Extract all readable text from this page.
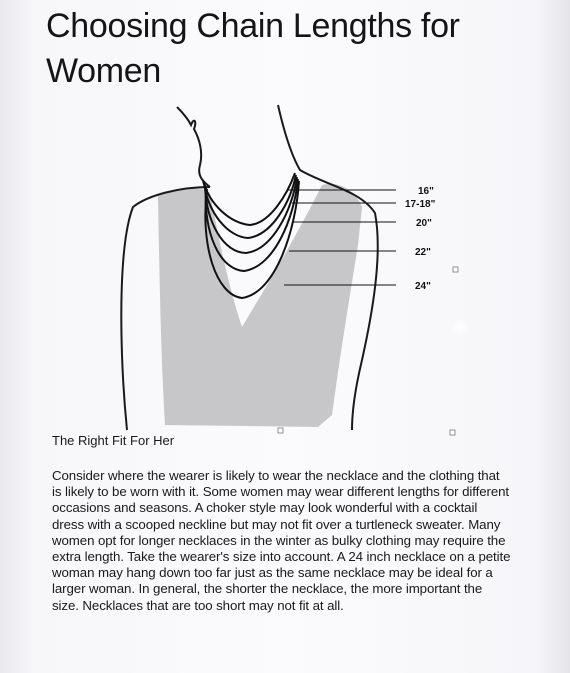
Choosing Chain Lengths for
Women
16"
17-18"
20"
22"
24"

The Right Fit For Her

Consider where the wearer is likely to wear the necklace and the clothing that is likely to be worn with it. Some women may wear different lengths for different occasions and seasons. A choker style may look wonderful with a cocktail dress with a scooped neckline but may not fit over a turtleneck sweater. Many women opt for longer necklaces in the winter as bulky clothing may require the extra length. Take the wearer's size into account. A 24 inch necklace on a petite woman may hang down too far just as the same necklace may be ideal for a larger woman. In general, the shorter the necklace, the more important the size. Necklaces that are too short may not fit at all.
